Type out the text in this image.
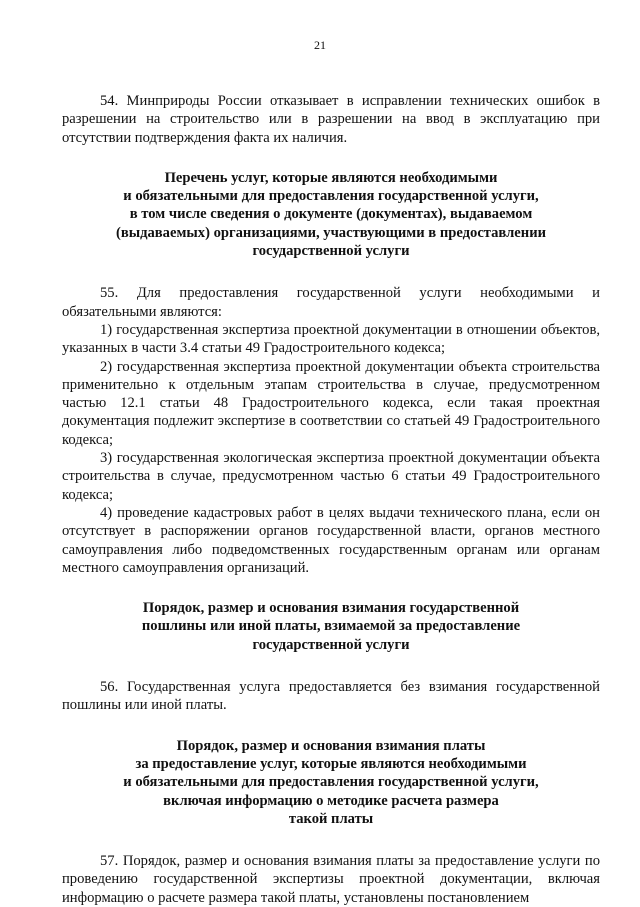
21

54. Минприроды России отказывает в исправлении технических ошибок в разрешении на строительство или в разрешении на ввод в эксплуатацию при отсутствии подтверждения факта их наличия.

Перечень услуг, которые являются необходимыми
и обязательными для предоставления государственной услуги,
в том числе сведения о документе (документах), выдаваемом
(выдаваемых) организациями, участвующими в предоставлении
государственной услуги

55. Для предоставления государственной услуги необходимыми и обязательными являются:

1) государственная экспертиза проектной документации в отношении объектов, указанных в части 3.4 статьи 49 Градостроительного кодекса;

2) государственная экспертиза проектной документации объекта строительства применительно к отдельным этапам строительства в случае, предусмотренном частью 12.1 статьи 48 Градостроительного кодекса, если такая проектная документация подлежит экспертизе в соответствии со статьей 49 Градостроительного кодекса;

3) государственная экологическая экспертиза проектной документации объекта строительства в случае, предусмотренном частью 6 статьи 49 Градостроительного кодекса;

4) проведение кадастровых работ в целях выдачи технического плана, если он отсутствует в распоряжении органов государственной власти, органов местного самоуправления либо подведомственных государственным органам или органам местного самоуправления организаций.

Порядок, размер и основания взимания государственной
пошлины или иной платы, взимаемой за предоставление
государственной услуги

56. Государственная услуга предоставляется без взимания государственной пошлины или иной платы.

Порядок, размер и основания взимания платы
за предоставление услуг, которые являются необходимыми
и обязательными для предоставления государственной услуги,
включая информацию о методике расчета размера
такой платы

57. Порядок, размер и основания взимания платы за предоставление услуги по проведению государственной экспертизы проектной документации, включая информацию о расчете размера такой платы, установлены постановлением
